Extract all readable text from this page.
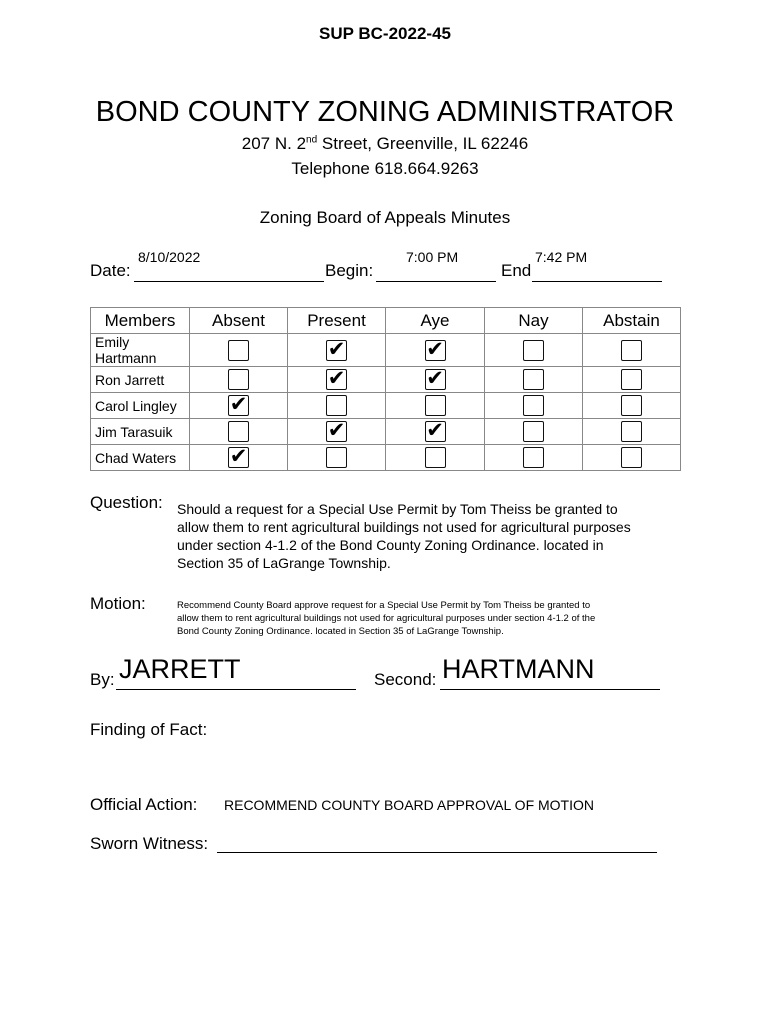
SUP BC-2022-45
BOND COUNTY ZONING ADMINISTRATOR
207 N. 2nd Street, Greenville, IL 62246
Telephone 618.664.9263
Zoning Board of Appeals Minutes
Date:
8/10/2022
Begin:
7:00 PM
End
7:42 PM
Members	Absent	Present	Aye	Nay	Abstain
Emily Hartmann		✔	✔		

Ron Jarrett		✔	✔		

Carol Lingley	✔				

Jim Tarasuik		✔	✔		

Chad Waters	✔				

Question: Should a request for a Special Use Permit by Tom Theiss be granted to
allow them to rent agricultural buildings not used for agricultural purposes
under section 4-1.2 of the Bond County Zoning Ordinance. located in
Section 35 of LaGrange Township.
Motion:	Recommend County Board approve request for a Special Use Permit by Tom Theiss be granted to
allow them to rent agricultural buildings not used for agricultural purposes under section 4-1.2 of the
Bond County Zoning Ordinance. located in Section 35 of LaGrange Township.
By: JARRETT	Second: HARTMANN
Finding of Fact:
Official Action: RECOMMEND COUNTY BOARD APPROVAL OF MOTION
Sworn Witness:
